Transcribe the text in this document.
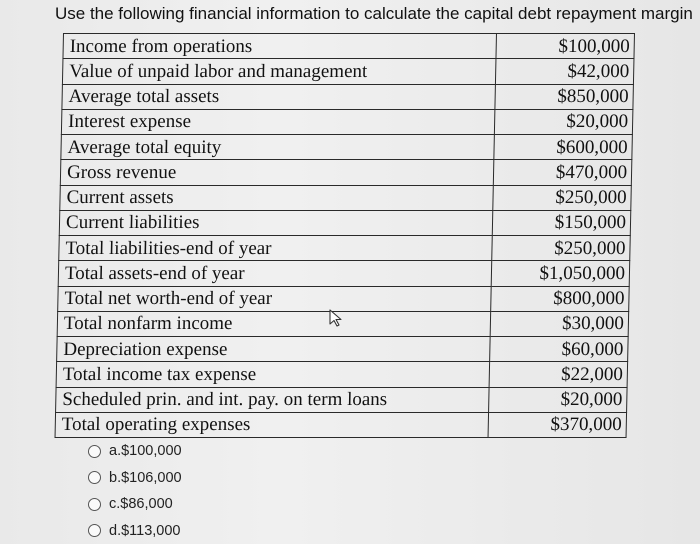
Use the following financial information to calculate the capital debt repayment margin
Income from operations	$100,000
Value of unpaid labor and management	$42,000
Average total assets	$850,000
Interest expense	$20,000
Average total equity	$600,000
Gross revenue	$470,000
Current assets	$250,000
Current liabilities	$150,000
Total liabilities-end of year	$250,000
Total assets-end of year	$1,050,000
Total net worth-end of year	$800,000
Total nonfarm income	$30,000
Depreciation expense	$60,000
Total income tax expense	$22,000
Scheduled prin. and int. pay. on term loans	$20,000
Total operating expenses	$370,000
a. $100,000
b. $106,000
c. $86,000
d. $113,000
